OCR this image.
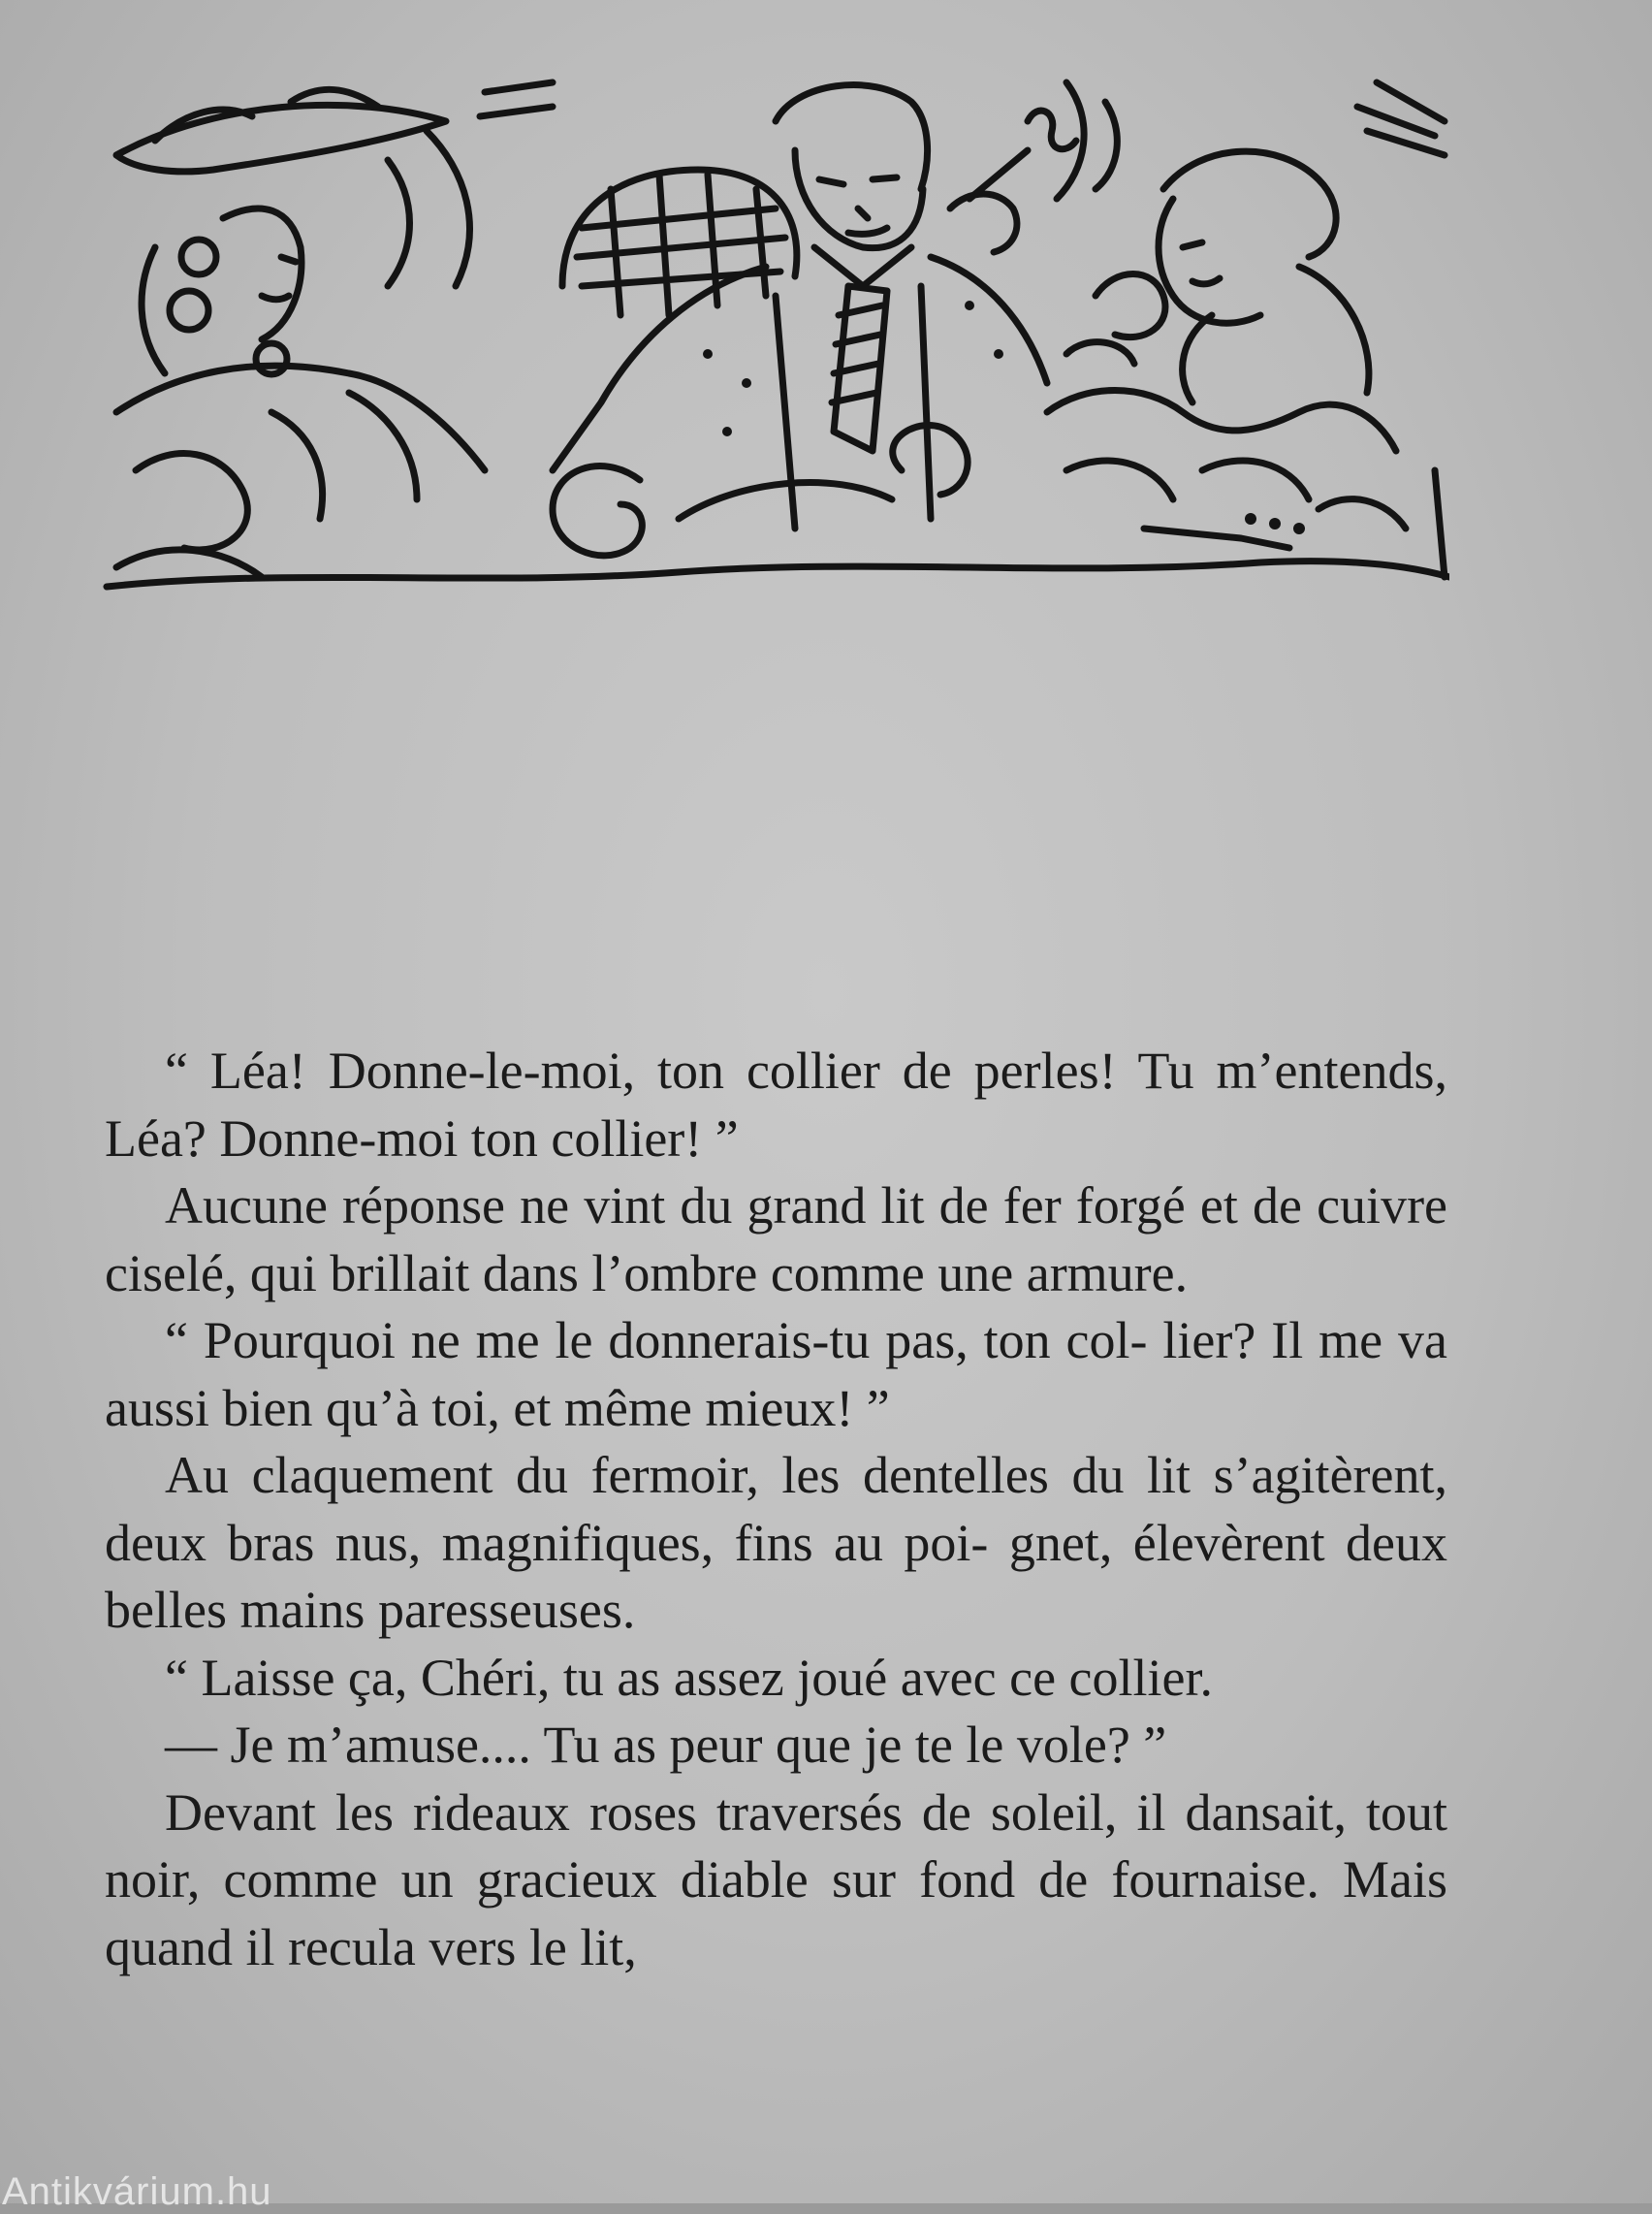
“ Léa! Donne-le-moi, ton collier de perles! Tu m’entends, Léa? Donne-moi ton collier! ”

Aucune réponse ne vint du grand lit de fer forgé et de cuivre ciselé, qui brillait dans l’ombre comme une armure.

“ Pourquoi ne me le donnerais-tu pas, ton col- lier? Il me va aussi bien qu’à toi, et même mieux! ”

Au claquement du fermoir, les dentelles du lit s’agitèrent, deux bras nus, magnifiques, fins au poi- gnet, élevèrent deux belles mains paresseuses.

“ Laisse ça, Chéri, tu as assez joué avec ce collier.

— Je m’amuse.... Tu as peur que je te le vole? ”

Devant les rideaux roses traversés de soleil, il dansait, tout noir, comme un gracieux diable sur fond de fournaise. Mais quand il recula vers le lit,

Antikvárium.hu
